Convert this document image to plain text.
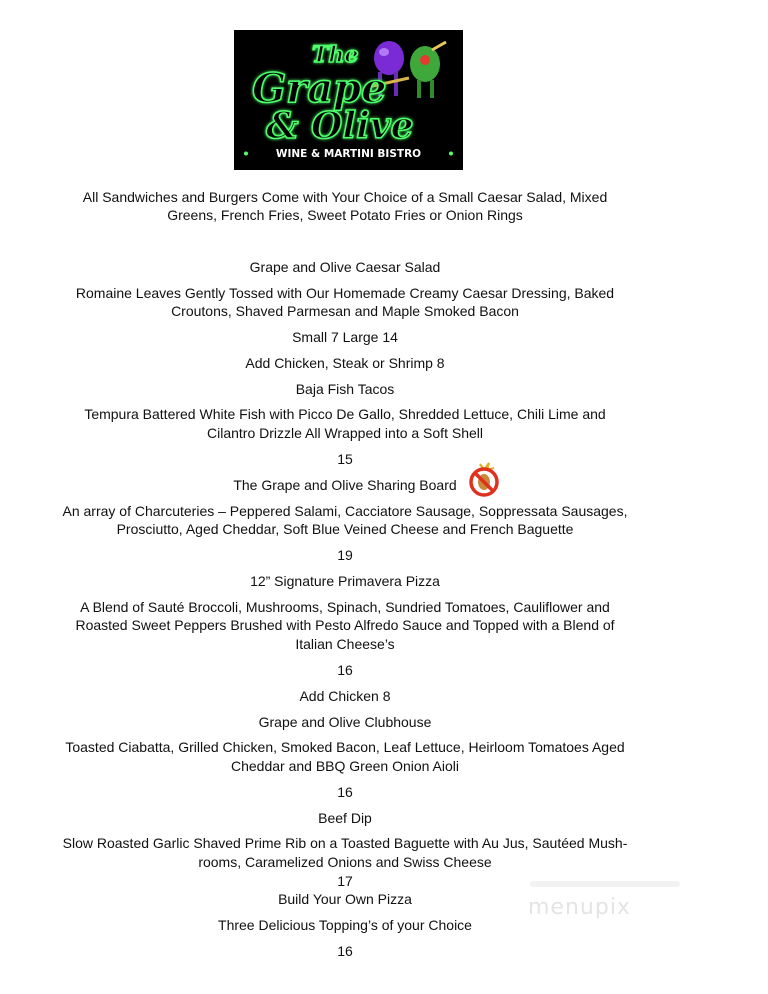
The
Grape
& Olive
WINE & MARTINI BISTRO
All Sandwiches and Burgers Come with Your Choice of a Small Caesar Salad, Mixed
Greens, French Fries, Sweet Potato Fries or Onion Rings
Grape and Olive Caesar Salad
Romaine Leaves Gently Tossed with Our Homemade Creamy Caesar Dressing, Baked
Croutons, Shaved Parmesan and Maple Smoked Bacon
Small 7 Large 14
Add Chicken, Steak or Shrimp 8
Baja Fish Tacos
Tempura Battered White Fish with Picco De Gallo, Shredded Lettuce, Chili Lime and
Cilantro Drizzle All Wrapped into a Soft Shell
15
The Grape and Olive Sharing Board
An array of Charcuteries – Peppered Salami, Cacciatore Sausage, Soppressata Sausages,
Prosciutto, Aged Cheddar, Soft Blue Veined Cheese and French Baguette
19
12” Signature Primavera Pizza
A Blend of Sauté Broccoli, Mushrooms, Spinach, Sundried Tomatoes, Cauliflower and
Roasted Sweet Peppers Brushed with Pesto Alfredo Sauce and Topped with a Blend of
Italian Cheese’s
16
Add Chicken 8
Grape and Olive Clubhouse
Toasted Ciabatta, Grilled Chicken, Smoked Bacon, Leaf Lettuce, Heirloom Tomatoes Aged
Cheddar and BBQ Green Onion Aioli
16
Beef Dip
Slow Roasted Garlic Shaved Prime Rib on a Toasted Baguette with Au Jus, Sautéed Mush-
rooms, Caramelized Onions and Swiss Cheese
17
Build Your Own Pizza
Three Delicious Topping’s of your Choice
16
menupix
